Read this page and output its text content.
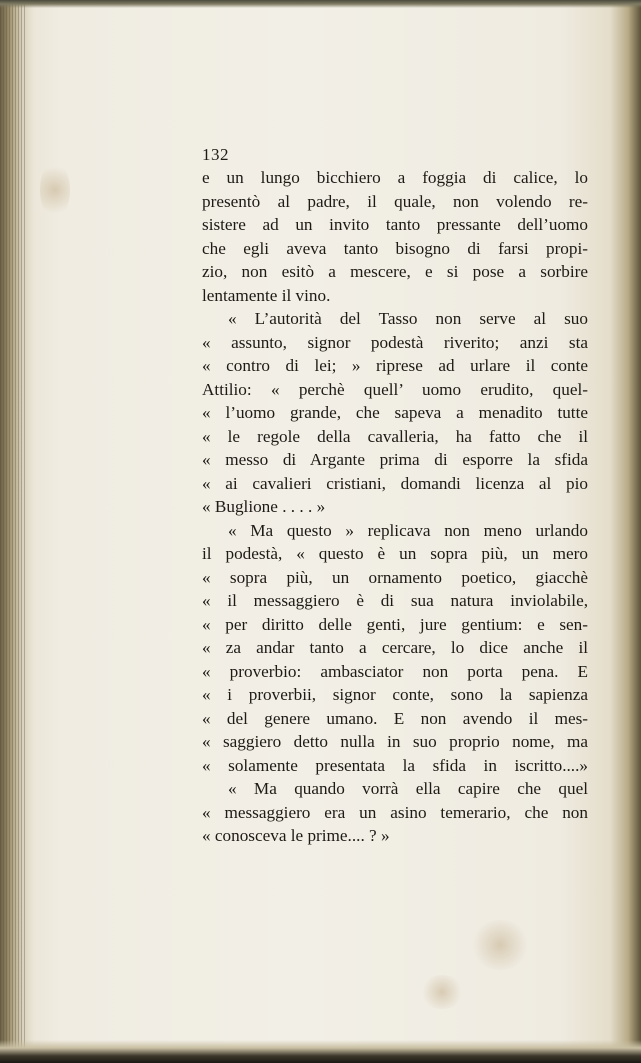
132
e un lungo bicchiero a foggia di calice, lo
presentò al padre, il quale, non volendo re-
sistere ad un invito tanto pressante dell’uomo
che egli aveva tanto bisogno di farsi propi-
zio, non esitò a mescere, e si pose a sorbire
lentamente il vino.
« L’autorità del Tasso non serve al suo
« assunto, signor podestà riverito; anzi sta
« contro di lei; » riprese ad urlare il conte
Attilio: « perchè quell’ uomo erudito, quel-
« l’uomo grande, che sapeva a menadito tutte
« le regole della cavalleria, ha fatto che il
« messo di Argante prima di esporre la sfida
« ai cavalieri cristiani, domandi licenza al pio
« Buglione . . . . »
« Ma questo » replicava non meno urlando
il podestà, « questo è un sopra più, un mero
« sopra più, un ornamento poetico, giacchè
« il messaggiero è di sua natura inviolabile,
« per diritto delle genti, jure gentium: e sen-
« za andar tanto a cercare, lo dice anche il
« proverbio: ambasciator non porta pena. E
« i proverbii, signor conte, sono la sapienza
« del genere umano. E non avendo il mes-
« saggiero detto nulla in suo proprio nome, ma
« solamente presentata la sfida in iscritto....»
« Ma quando vorrà ella capire che quel
« messaggiero era un asino temerario, che non
« conosceva le prime.... ? »
